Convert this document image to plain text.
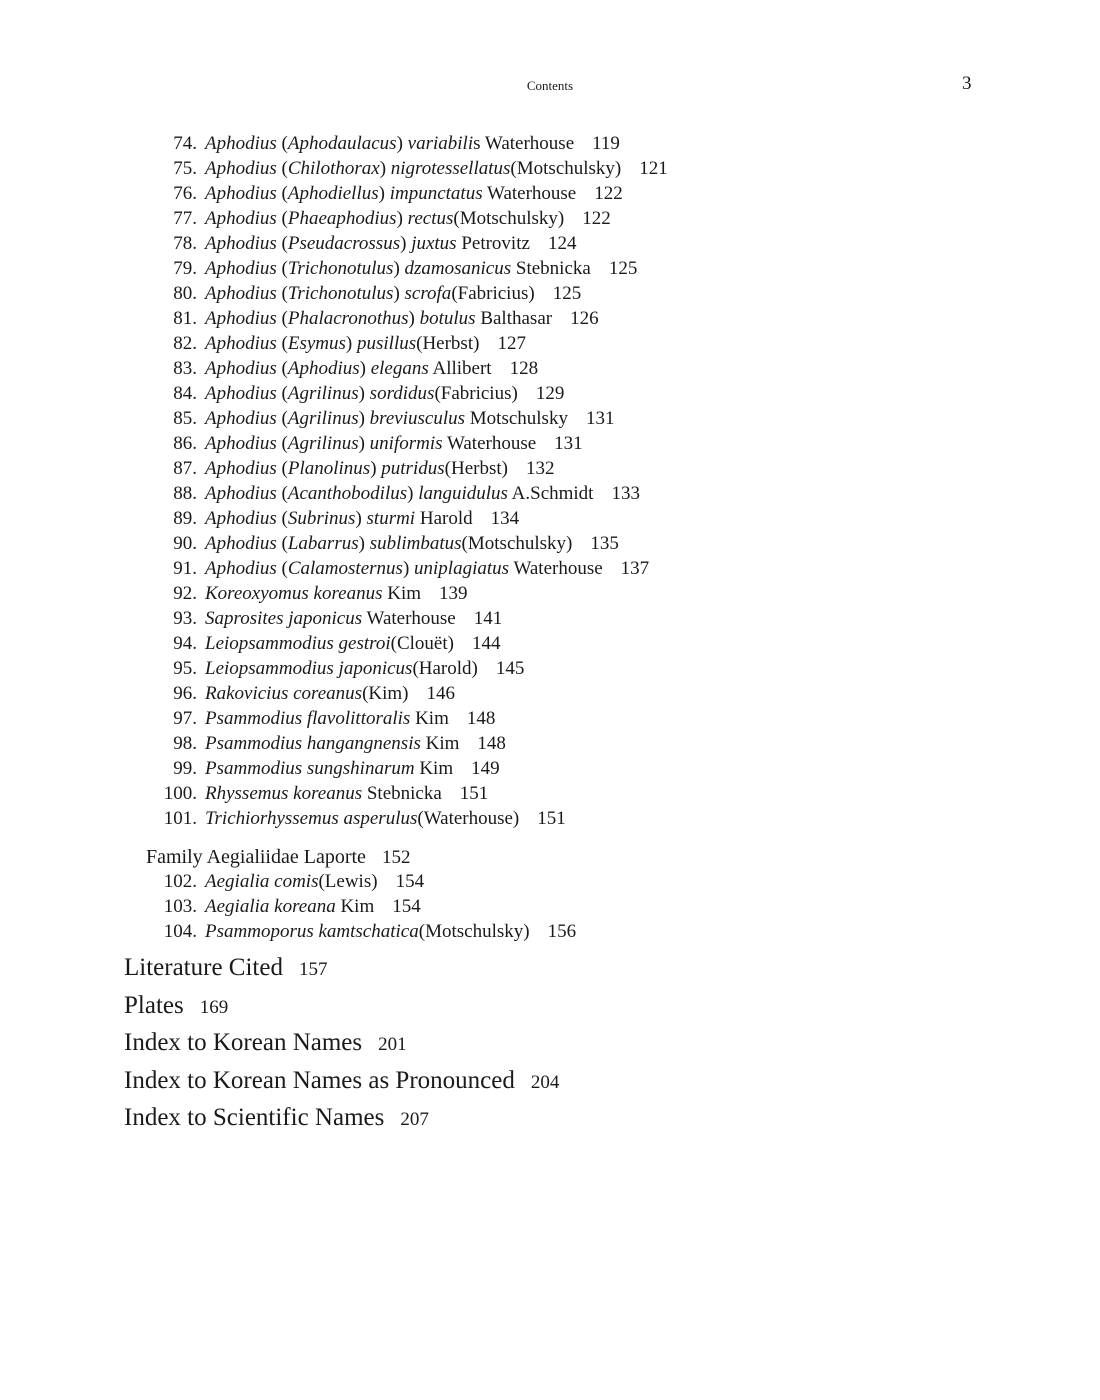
Contents	3
74. Aphodius (Aphodaulacus) variabilis Waterhouse 119
75. Aphodius (Chilothorax) nigrotessellatus(Motschulsky) 121
76. Aphodius (Aphodiellus) impunctatus Waterhouse 122
77. Aphodius (Phaeaphodius) rectus(Motschulsky) 122
78. Aphodius (Pseudacrossus) juxtus Petrovitz 124
79. Aphodius (Trichonotulus) dzamosanicus Stebnicka 125
80. Aphodius (Trichonotulus) scrofa(Fabricius) 125
81. Aphodius (Phalacronothus) botulus Balthasar 126
82. Aphodius (Esymus) pusillus(Herbst) 127
83. Aphodius (Aphodius) elegans Allibert 128
84. Aphodius (Agrilinus) sordidus(Fabricius) 129
85. Aphodius (Agrilinus) breviusculus Motschulsky 131
86. Aphodius (Agrilinus) uniformis Waterhouse 131
87. Aphodius (Planolinus) putridus(Herbst) 132
88. Aphodius (Acanthobodilus) languidulus A.Schmidt 133
89. Aphodius (Subrinus) sturmi Harold 134
90. Aphodius (Labarrus) sublimbatus(Motschulsky) 135
91. Aphodius (Calamosternus) uniplagiatus Waterhouse 137
92. Koreoxyomus koreanus Kim 139
93. Saprosites japonicus Waterhouse 141
94. Leiopsammodius gestroi(Clouët) 144
95. Leiopsammodius japonicus(Harold) 145
96. Rakovicius coreanus(Kim) 146
97. Psammodius flavolittoralis Kim 148
98. Psammodius hangangnensis Kim 148
99. Psammodius sungshinarum Kim 149
100. Rhyssemus koreanus Stebnicka 151
101. Trichiorhyssemus asperulus(Waterhouse) 151
Family Aegialiidae Laporte 152
102. Aegialia comis(Lewis) 154
103. Aegialia koreana Kim 154
104. Psammoporus kamtschatica(Motschulsky) 156
Literature Cited 157
Plates 169
Index to Korean Names 201
Index to Korean Names as Pronounced 204
Index to Scientific Names 207
